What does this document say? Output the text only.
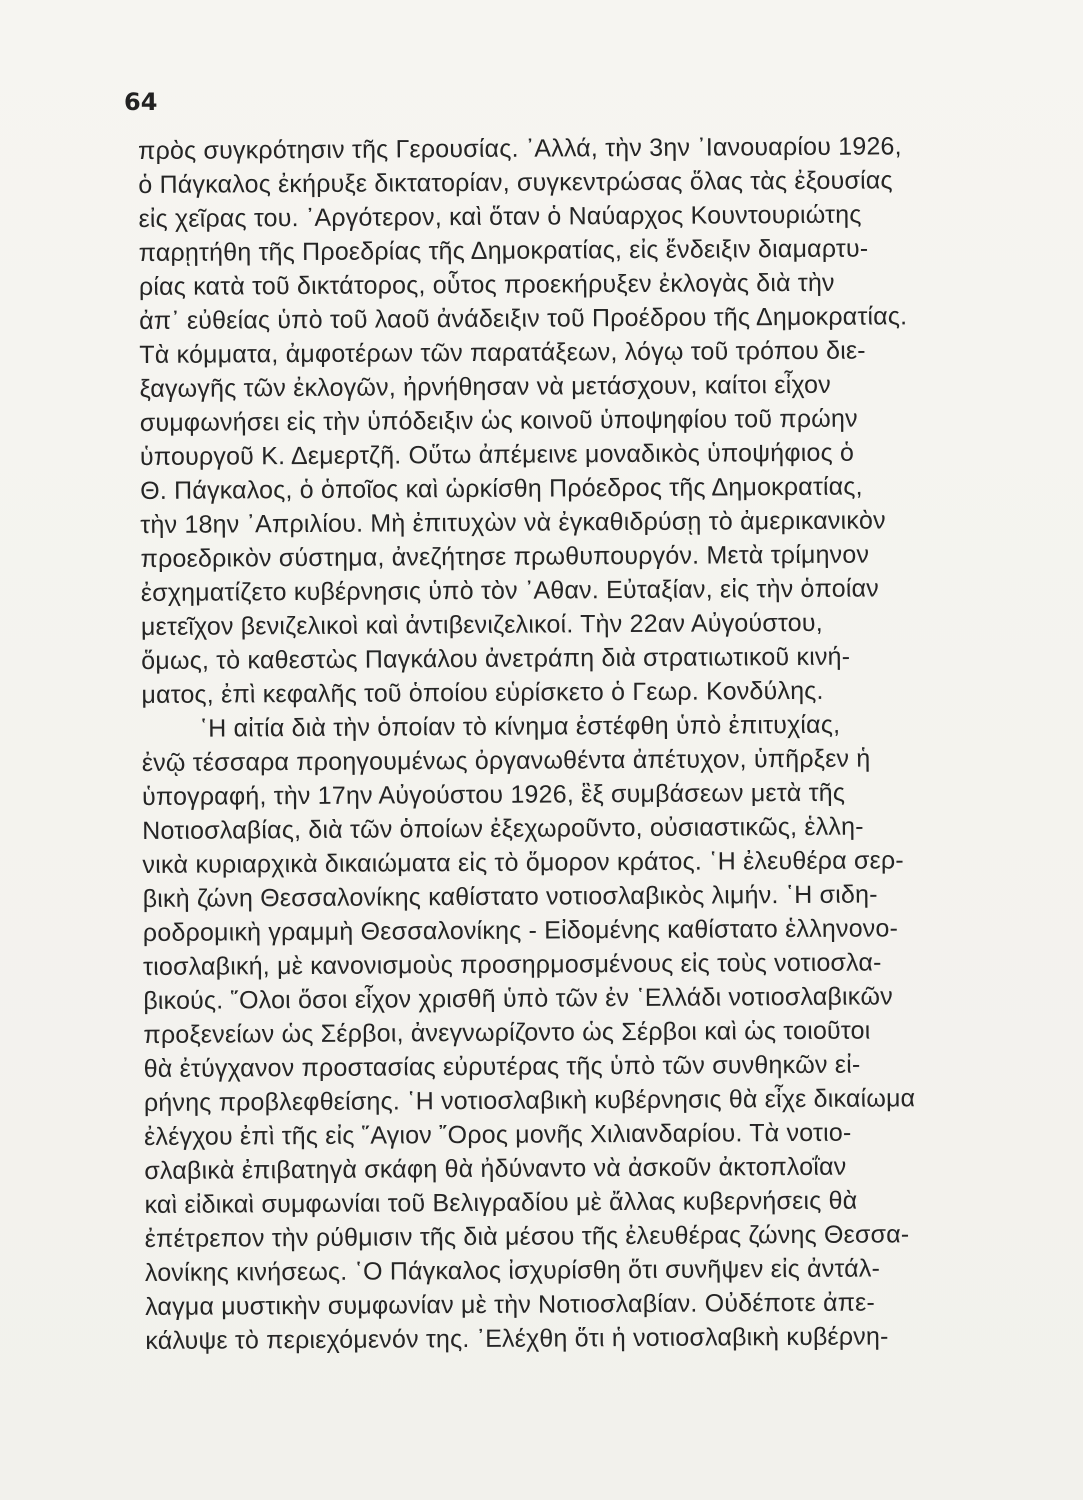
64
πρὸς συγκρότησιν τῆς Γερουσίας. ᾿Αλλά, τὴν 3ην ᾿Ιανουαρίου 1926,
ὁ Πάγκαλος ἐκήρυξε δικτατορίαν, συγκεντρώσας ὅλας τὰς ἐξουσίας
εἰς χεῖρας του. ᾿Αργότερον, καὶ ὅταν ὁ Ναύαρχος Κουντουριώτης
παρῃτήθη τῆς Προεδρίας τῆς Δημοκρατίας, εἰς ἔνδειξιν διαμαρτυ-
ρίας κατὰ τοῦ δικτάτορος, οὗτος προεκήρυξεν ἐκλογὰς διὰ τὴν
ἀπ᾿ εὐθείας ὑπὸ τοῦ λαοῦ ἀνάδειξιν τοῦ Προέδρου τῆς Δημοκρατίας.
Τὰ κόμματα, ἀμφοτέρων τῶν παρατάξεων, λόγῳ τοῦ τρόπου διε-
ξαγωγῆς τῶν ἐκλογῶν, ἠρνήθησαν νὰ μετάσχουν, καίτοι εἶχον
συμφωνήσει εἰς τὴν ὑπόδειξιν ὡς κοινοῦ ὑποψηφίου τοῦ πρώην
ὑπουργοῦ Κ. Δεμερτζῆ. Οὕτω ἀπέμεινε μοναδικὸς ὑποψήφιος ὁ
Θ. Πάγκαλος, ὁ ὁποῖος καὶ ὡρκίσθη Πρόεδρος τῆς Δημοκρατίας,
τὴν 18ην ᾿Απριλίου. Μὴ ἐπιτυχὼν νὰ ἐγκαθιδρύσῃ τὸ ἀμερικανικὸν
προεδρικὸν σύστημα, ἀνεζήτησε πρωθυπουργόν. Μετὰ τρίμηνον
ἐσχηματίζετο κυβέρνησις ὑπὸ τὸν ᾿Αθαν. Εὐταξίαν, εἰς τὴν ὁποίαν
μετεῖχον βενιζελικοὶ καὶ ἀντιβενιζελικοί. Τὴν 22αν Αὐγούστου,
ὅμως, τὸ καθεστὼς Παγκάλου ἀνετράπη διὰ στρατιωτικοῦ κινή-
ματος, ἐπὶ κεφαλῆς τοῦ ὁποίου εὑρίσκετο ὁ Γεωρ. Κονδύλης.
῾Η αἰτία διὰ τὴν ὁποίαν τὸ κίνημα ἐστέφθη ὑπὸ ἐπιτυχίας,
ἐνῷ τέσσαρα προηγουμένως ὀργανωθέντα ἀπέτυχον, ὑπῆρξεν ἡ
ὑπογραφή, τὴν 17ην Αὐγούστου 1926, ἓξ συμβάσεων μετὰ τῆς
Νοτιοσλαβίας, διὰ τῶν ὁποίων ἐξεχωροῦντο, οὐσιαστικῶς, ἑλλη-
νικὰ κυριαρχικὰ δικαιώματα εἰς τὸ ὅμορον κράτος. ῾Η ἐλευθέρα σερ-
βικὴ ζώνη Θεσσαλονίκης καθίστατο νοτιοσλαβικὸς λιμήν. ῾Η σιδη-
ροδρομικὴ γραμμὴ Θεσσαλονίκης - Εἰδομένης καθίστατο ἑλληνονο-
τιοσλαβική, μὲ κανονισμοὺς προσηρμοσμένους εἰς τοὺς νοτιοσλα-
βικούς. ῞Ολοι ὅσοι εἶχον χρισθῆ ὑπὸ τῶν ἐν ῾Ελλάδι νοτιοσλαβικῶν
προξενείων ὡς Σέρβοι, ἀνεγνωρίζοντο ὡς Σέρβοι καὶ ὡς τοιοῦτοι
θὰ ἐτύγχανον προστασίας εὐρυτέρας τῆς ὑπὸ τῶν συνθηκῶν εἰ-
ρήνης προβλεφθείσης. ῾Η νοτιοσλαβικὴ κυβέρνησις θὰ εἶχε δικαίωμα
ἐλέγχου ἐπὶ τῆς εἰς ῞Αγιον ῎Ορος μονῆς Χιλιανδαρίου. Τὰ νοτιο-
σλαβικὰ ἐπιβατηγὰ σκάφη θὰ ἠδύναντο νὰ ἀσκοῦν ἀκτοπλοΐαν
καὶ εἰδικαὶ συμφωνίαι τοῦ Βελιγραδίου μὲ ἄλλας κυβερνήσεις θὰ
ἐπέτρεπον τὴν ρύθμισιν τῆς διὰ μέσου τῆς ἐλευθέρας ζώνης Θεσσα-
λονίκης κινήσεως. ῾Ο Πάγκαλος ἰσχυρίσθη ὅτι συνῆψεν εἰς ἀντάλ-
λαγμα μυστικὴν συμφωνίαν μὲ τὴν Νοτιοσλαβίαν. Οὐδέποτε ἀπε-
κάλυψε τὸ περιεχόμενόν της. ᾿Ελέχθη ὅτι ἡ νοτιοσλαβικὴ κυβέρνη-
